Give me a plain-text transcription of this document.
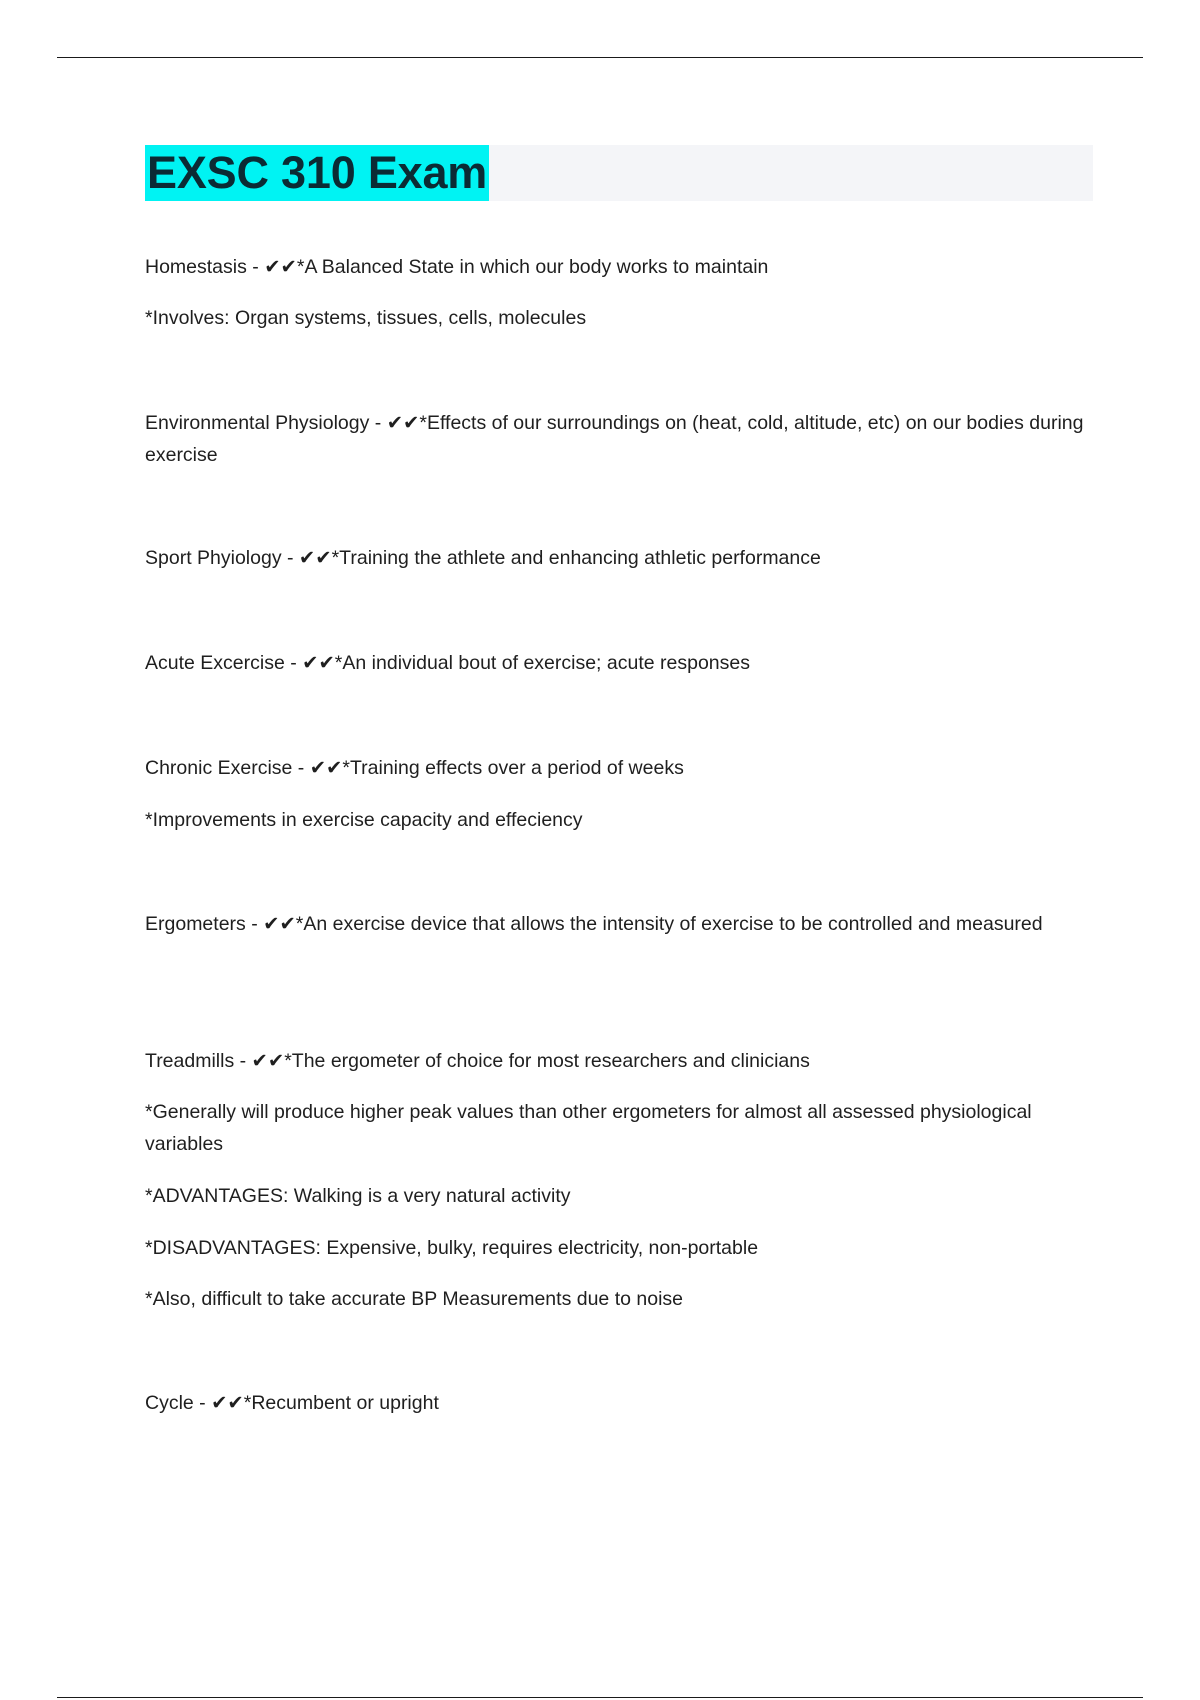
EXSC 310 Exam
Homestasis - ✔✔*A Balanced State in which our body works to maintain
*Involves: Organ systems, tissues, cells, molecules
Environmental Physiology - ✔✔*Effects of our surroundings on (heat, cold, altitude, etc) on our bodies during exercise
Sport Phyiology - ✔✔*Training the athlete and enhancing athletic performance
Acute Excercise - ✔✔*An individual bout of exercise; acute responses
Chronic Exercise - ✔✔*Training effects over a period of weeks
*Improvements in exercise capacity and effeciency
Ergometers - ✔✔*An exercise device that allows the intensity of exercise to be controlled and measured
Treadmills - ✔✔*The ergometer of choice for most researchers and clinicians
*Generally will produce higher peak values than other ergometers for almost all assessed physiological variables
*ADVANTAGES: Walking is a very natural activity
*DISADVANTAGES: Expensive, bulky, requires electricity, non-portable
*Also, difficult to take accurate BP Measurements due to noise
Cycle - ✔✔*Recumbent or upright
